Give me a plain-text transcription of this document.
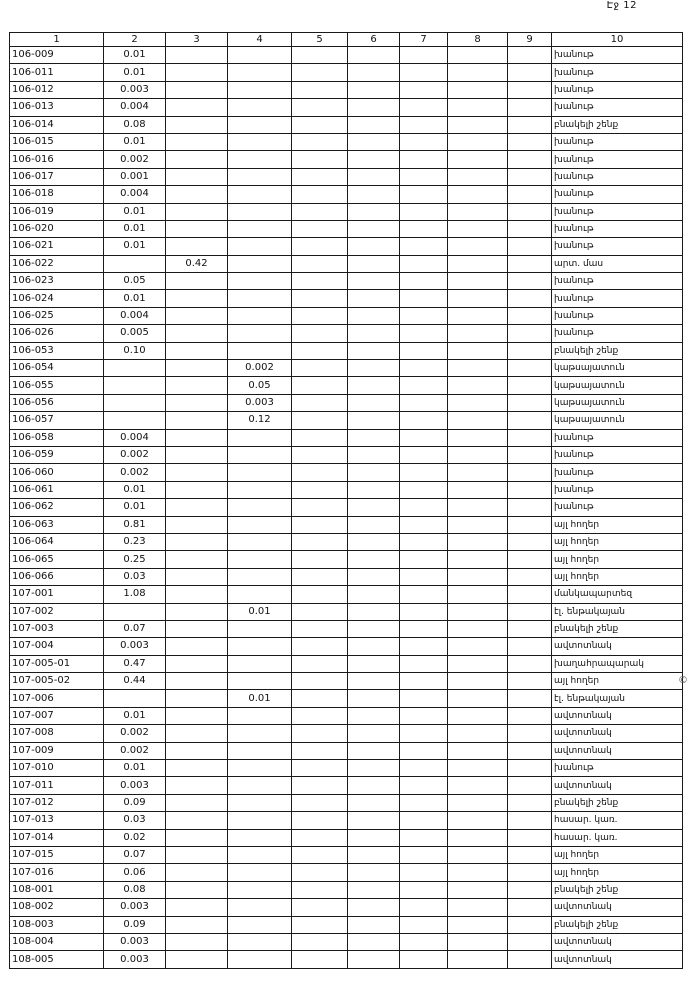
Էջ 12
1	2	3	4	5	6	7	8	9	10
106-009	0.01								խանութ
106-011	0.01								խանութ
106-012	0.003								խանութ
106-013	0.004								խանութ
106-014	0.08								բնակելի շենք
106-015	0.01								խանութ
106-016	0.002								խանութ
106-017	0.001								խանութ
106-018	0.004								խանութ
106-019	0.01								խանութ
106-020	0.01								խանութ
106-021	0.01								խանութ
106-022		0.42							արտ. մաս
106-023	0.05								խանութ
106-024	0.01								խանութ
106-025	0.004								խանութ
106-026	0.005								խանութ
106-053	0.10								բնակելի շենք
106-054			0.002						կաթսայատուն
106-055			0.05						կաթսայատուն
106-056			0.003						կաթսայատուն
106-057			0.12						կաթսայատուն
106-058	0.004								խանութ
106-059	0.002								խանութ
106-060	0.002								խանութ
106-061	0.01								խանութ
106-062	0.01								խանութ
106-063	0.81								այլ հողեր
106-064	0.23								այլ հողեր
106-065	0.25								այլ հողեր
106-066	0.03								այլ հողեր
107-001	1.08								մանկապարտեզ
107-002			0.01						էլ. ենթակայան
107-003	0.07								բնակելի շենք
107-004	0.003								ավտոտնակ
107-005-01	0.47								խաղահրապարակ
107-005-02	0.44								այլ հողեր
107-006			0.01						էլ. ենթակայան
107-007	0.01								ավտոտնակ
107-008	0.002								ավտոտնակ
107-009	0.002								ավտոտնակ
107-010	0.01								խանութ
107-011	0.003								ավտոտնակ
107-012	0.09								բնակելի շենք
107-013	0.03								հասար. կառ.
107-014	0.02								հասար. կառ.
107-015	0.07								այլ հողեր
107-016	0.06								այլ հողեր
108-001	0.08								բնակելի շենք
108-002	0.003								ավտոտնակ
108-003	0.09								բնակելի շենք
108-004	0.003								ավտոտնակ
108-005	0.003								ավտոտնակ
©
